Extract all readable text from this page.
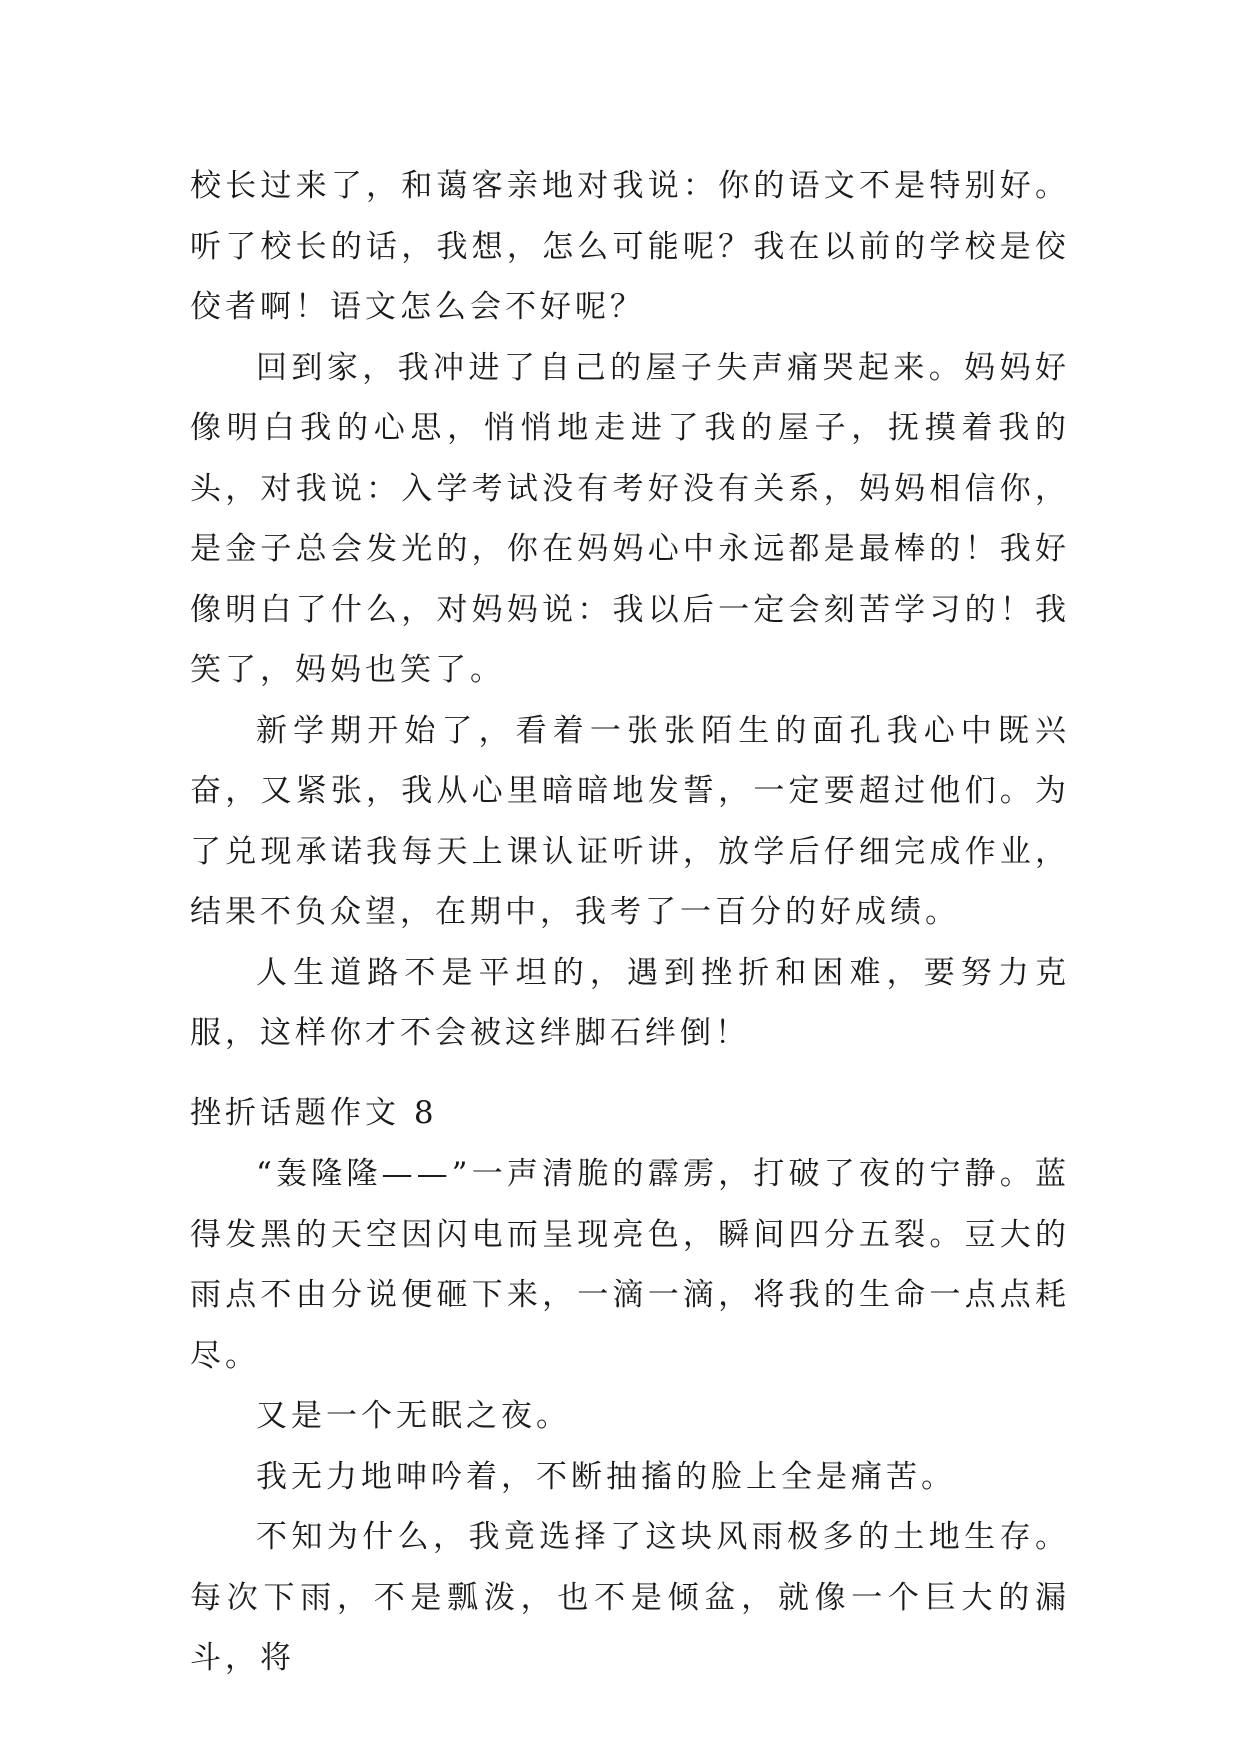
校长过来了，和蔼客亲地对我说：你的语文不是特别好。听了校长的话，我想，怎么可能呢？我在以前的学校是佼佼者啊！语文怎么会不好呢？

回到家，我冲进了自己的屋子失声痛哭起来。妈妈好像明白我的心思，悄悄地走进了我的屋子，抚摸着我的头，对我说：入学考试没有考好没有关系，妈妈相信你，是金子总会发光的，你在妈妈心中永远都是最棒的！我好像明白了什么，对妈妈说：我以后一定会刻苦学习的！我笑了，妈妈也笑了。

新学期开始了，看着一张张陌生的面孔我心中既兴奋，又紧张，我从心里暗暗地发誓，一定要超过他们。为了兑现承诺我每天上课认证听讲，放学后仔细完成作业，结果不负众望，在期中，我考了一百分的好成绩。

人生道路不是平坦的，遇到挫折和困难，要努力克服，这样你才不会被这绊脚石绊倒！

挫折话题作文 8

“轰隆隆——”一声清脆的霹雳，打破了夜的宁静。蓝得发黑的天空因闪电而呈现亮色，瞬间四分五裂。豆大的雨点不由分说便砸下来，一滴一滴，将我的生命一点点耗尽。

又是一个无眠之夜。

我无力地呻吟着，不断抽搐的脸上全是痛苦。

不知为什么，我竟选择了这块风雨极多的土地生存。每次下雨，不是瓢泼，也不是倾盆，就像一个巨大的漏斗，将
